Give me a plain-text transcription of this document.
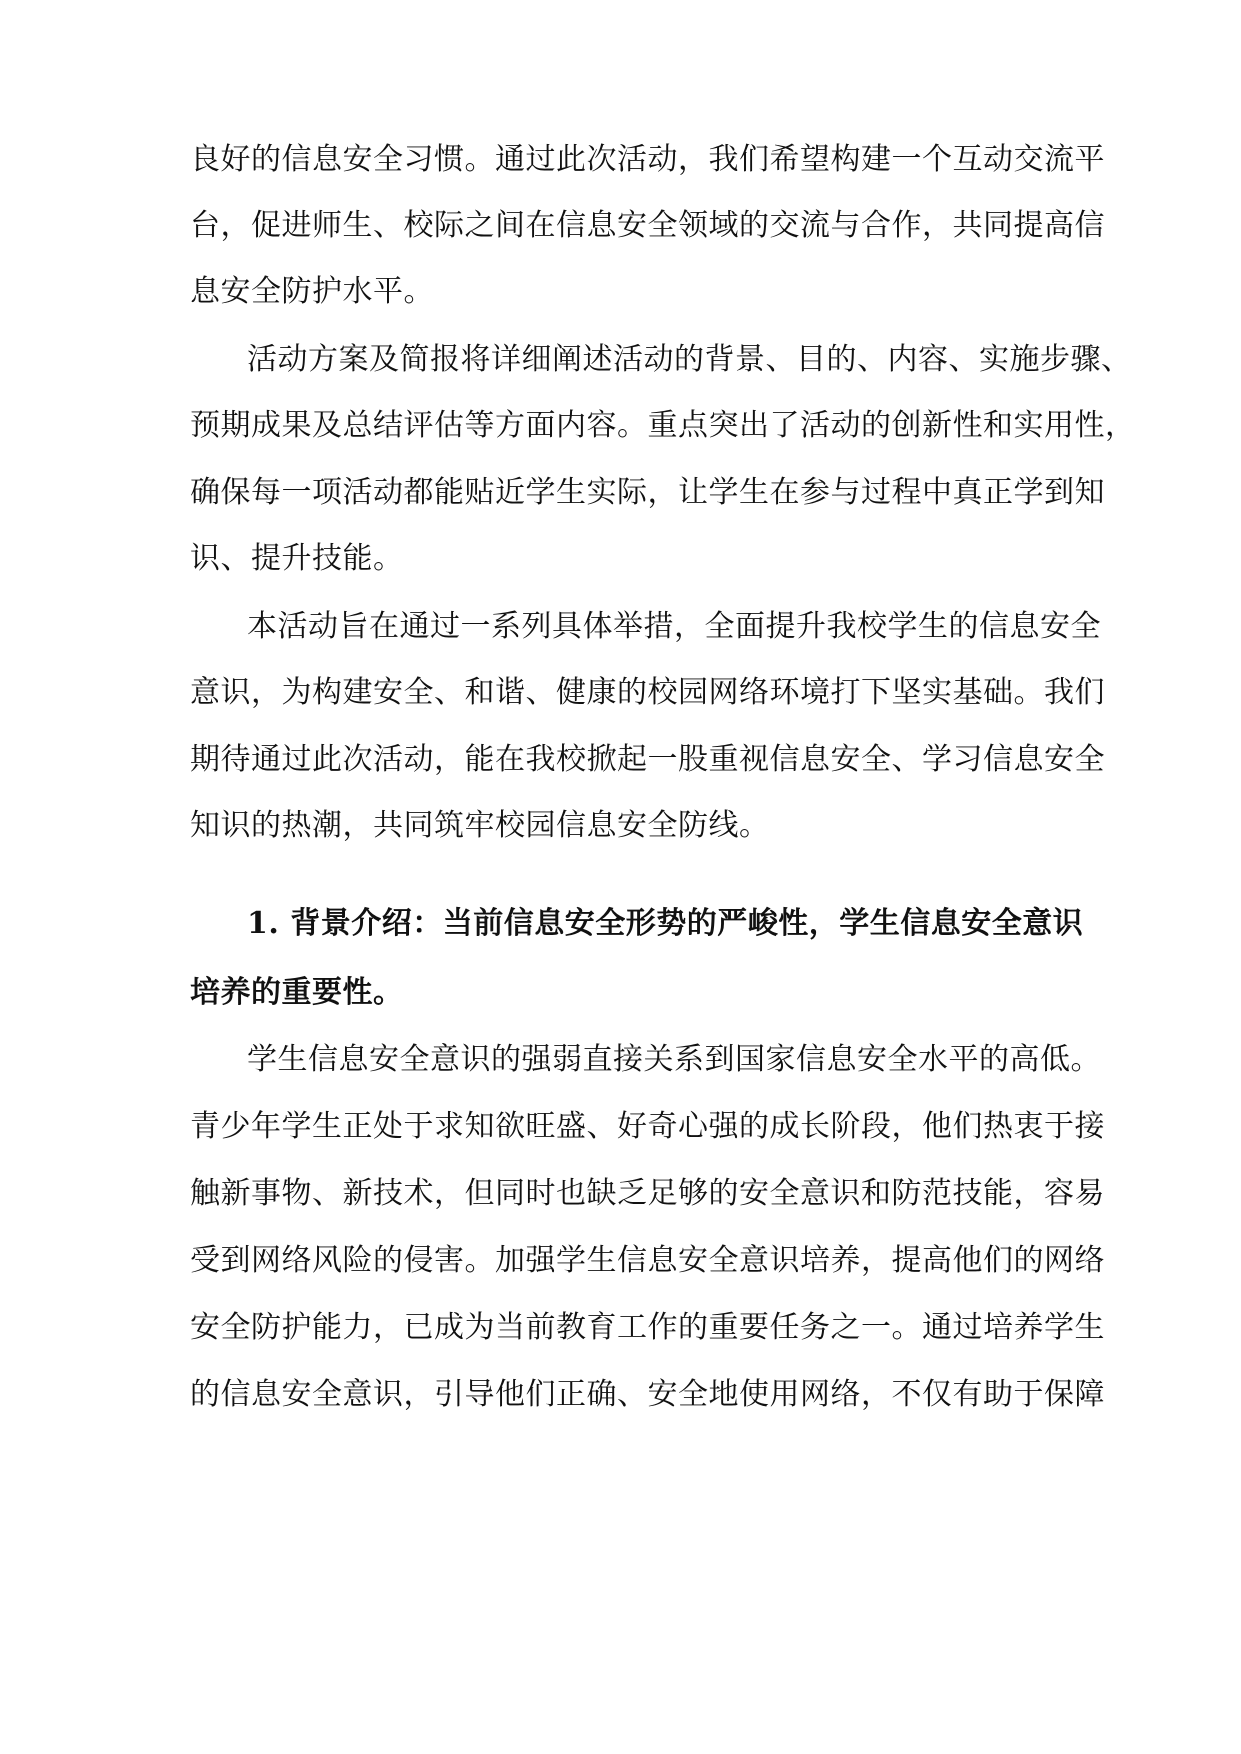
良好的信息安全习惯。通过此次活动，我们希望构建一个互动交流平
台，促进师生、校际之间在信息安全领域的交流与合作，共同提高信
息安全防护水平。
活动方案及简报将详细阐述活动的背景、目的、内容、实施步骤、
预期成果及总结评估等方面内容。重点突出了活动的创新性和实用性，
确保每一项活动都能贴近学生实际，让学生在参与过程中真正学到知
识、提升技能。
本活动旨在通过一系列具体举措，全面提升我校学生的信息安全
意识，为构建安全、和谐、健康的校园网络环境打下坚实基础。我们
期待通过此次活动，能在我校掀起一股重视信息安全、学习信息安全
知识的热潮，共同筑牢校园信息安全防线。
1. 背景介绍：当前信息安全形势的严峻性，学生信息安全意识
培养的重要性。
学生信息安全意识的强弱直接关系到国家信息安全水平的高低。
青少年学生正处于求知欲旺盛、好奇心强的成长阶段，他们热衷于接
触新事物、新技术，但同时也缺乏足够的安全意识和防范技能，容易
受到网络风险的侵害。加强学生信息安全意识培养，提高他们的网络
安全防护能力，已成为当前教育工作的重要任务之一。通过培养学生
的信息安全意识，引导他们正确、安全地使用网络，不仅有助于保障
